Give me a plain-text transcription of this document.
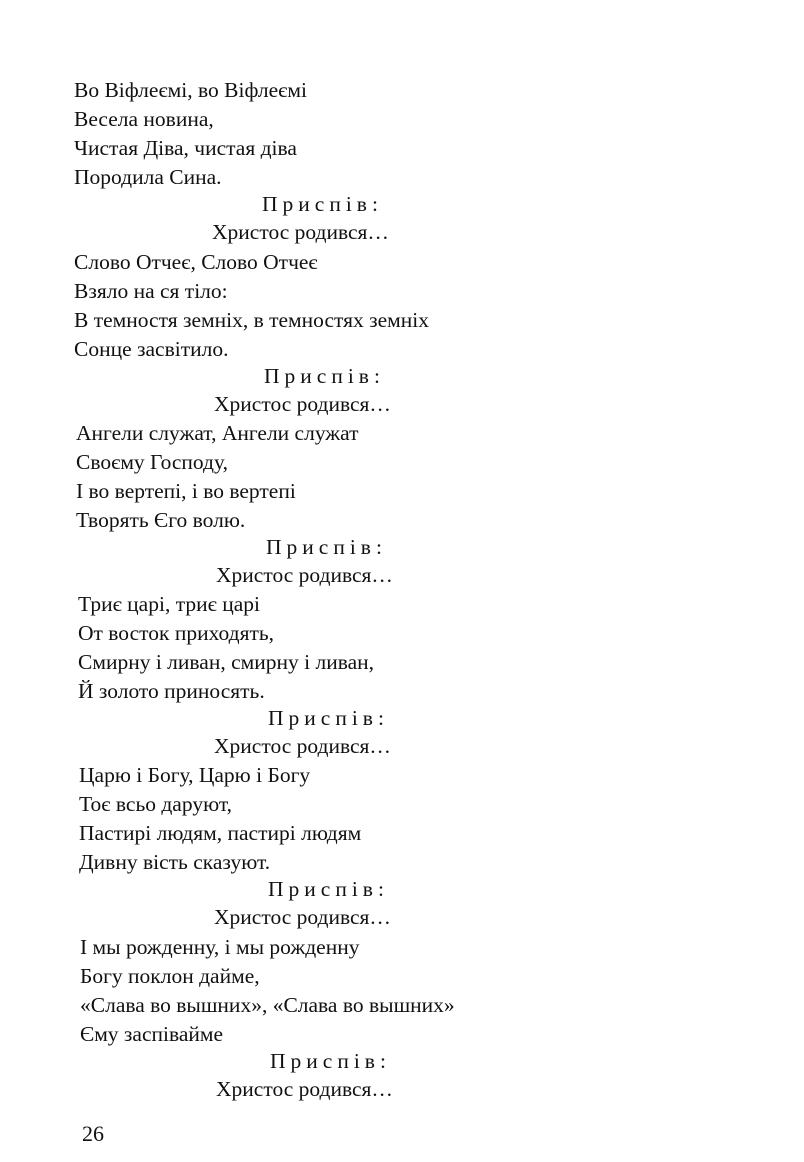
Во Віфлеємі, во Віфлеємі
Весела новина,
Чистая Діва, чистая діва
Породила Сина.
Приспів:
Христос родився…
Слово Отчеє, Слово Отчеє
Взяло на ся тіло:
В темностя земніх, в темностях земніх
Сонце засвітило.
Приспів:
Христос родився…
Ангели служат, Ангели служат
Своєму Господу,
І во вертепі, і во вертепі
Творять Єго волю.
Приспів:
Христос родився…
Триє царі, триє царі
От восток приходять,
Смирну і ливан, смирну і ливан,
Й золото приносять.
Приспів:
Христос родився…
Царю і Богу, Царю і Богу
Тоє всьо даруют,
Пастирі людям, пастирі людям
Дивну вість сказуют.
Приспів:
Христос родився…
І мы рожденну, і мы рожденну
Богу поклон дайме,
«Слава во вышних», «Слава во вышних»
Єму заспівайме
Приспів:
Христос родився…
26
